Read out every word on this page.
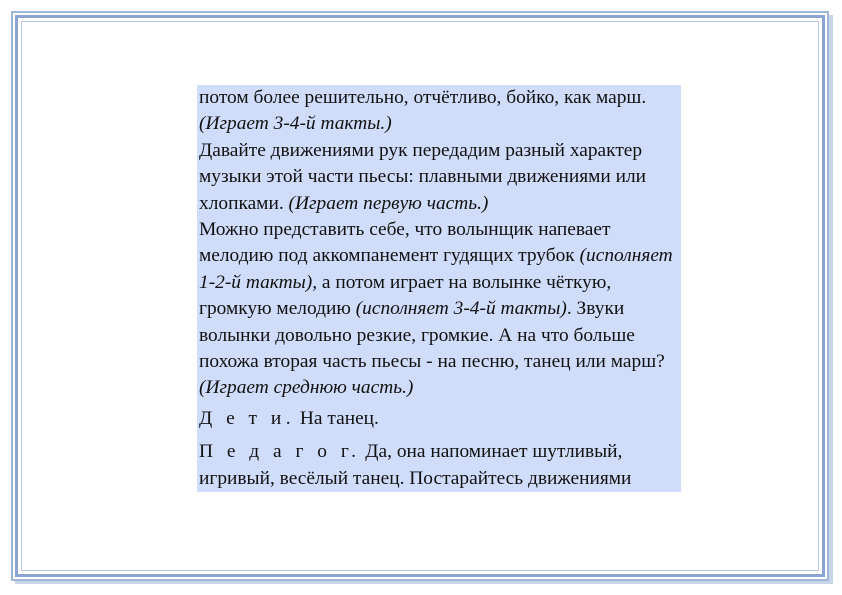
потом более решительно, отчётливо, бойко, как марш. (Играет 3-4-й такты.)

Давайте движениями рук передадим разный характер музыки этой части пьесы: плавными движениями или хлопками. (Играет первую часть.)

Можно представить себе, что волынщик напевает мелодию под аккомпанемент гудящих трубок (исполняет 1-2-й такты), а потом играет на волынке чёткую, громкую мелодию (исполняет 3-4-й такты). Звуки волынки довольно резкие, громкие. А на что больше похожа вторая часть пьесы - на песню, танец или марш? (Играет среднюю часть.)

Д е т и. На танец.

П е д а г о г. Да, она напоминает шутливый, игривый, весёлый танец. Постарайтесь движениями
